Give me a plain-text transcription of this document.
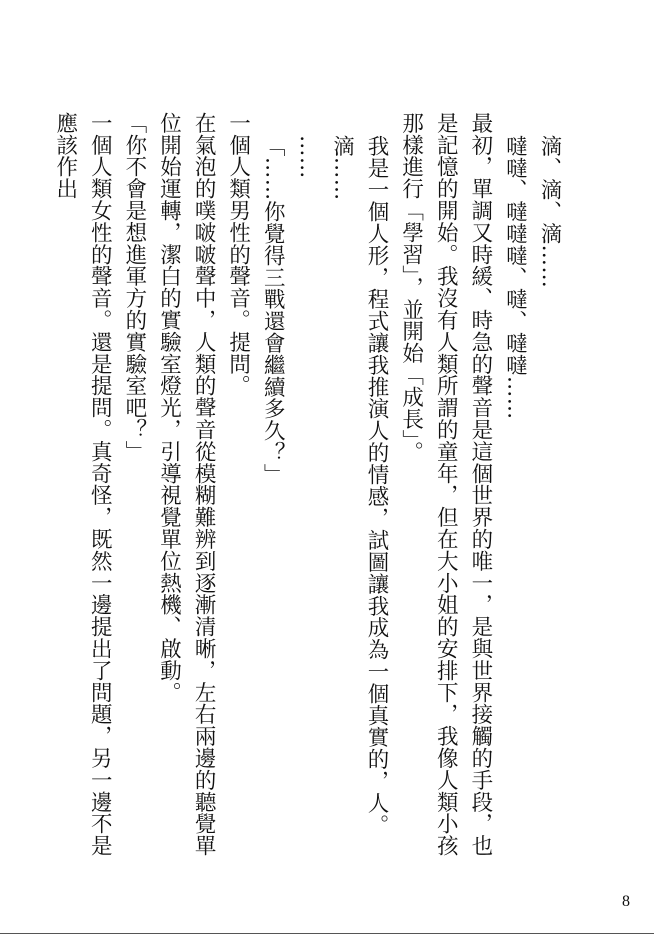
滴、滴、滴……

噠噠、噠噠噠、噠、噠噠……

最初，單調又時緩、時急的聲音是這個世界的唯一，是與世界接觸的手段，也是記憶的開始。我沒有人類所謂的童年，但在大小姐的安排下，我像人類小孩那樣進行「學習」，並開始「成長」。

我是一個人形，程式讓我推演人的情感，試圖讓我成為一個真實的，人。

滴……

……

「……你覺得三戰還會繼續多久？」

一個人類男性的聲音。提問。

在氣泡的噗啵啵聲中，人類的聲音從模糊難辨到逐漸清晰，左右兩邊的聽覺單位開始運轉，潔白的實驗室燈光，引導視覺單位熱機、啟動。

「你不會是想進軍方的實驗室吧？」

一個人類女性的聲音。還是提問。真奇怪，既然一邊提出了問題，另一邊不是應該作出

8
